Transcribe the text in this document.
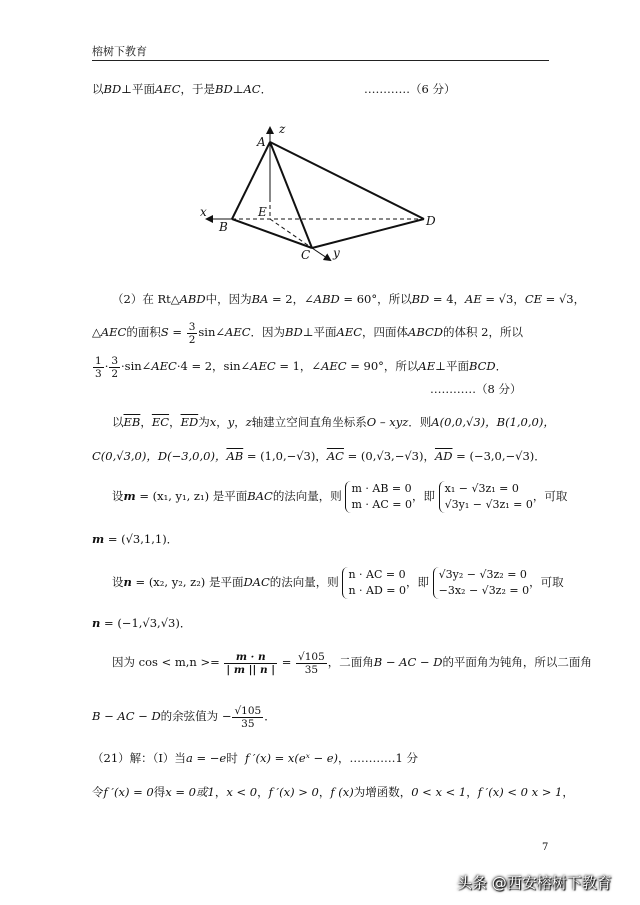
榕树下教育
以BD⊥平面AEC，于是BD⊥AC．	…………（6 分）
A
z
x	E
B	D
C y
（2）在 Rt△ABD中，因为BA = 2，∠ABD = 60°，所以BD = 4，AE = √3，CE = √3，
△AEC的面积$S = \frac{3}{2}$ sin∠AEC．因为BD⊥平面AEC，四面体ABCD的体积 2，所以
$\frac{1}{3} \cdot \frac{3}{2}$ ·sin∠AEC·4 = 2，sin∠AEC = 1，∠AEC = 90°，所以AE⊥平面BCD．
…………（8 分）
以$\overline{EB}$，$\overline{EC}$，$\overline{ED}$为x，y，z轴建立空间直角坐标系O – xyz．则A(0,0,√3)，B(1,0,0)，
C(0,√3,0)，D(−3,0,0)，$\overline{AB} = (1,0,-√3)$，$\overline{AC} = (0,√3,-√3)$，$\overline{AD} = (-3,0,-√3)$．
设m = (x₁, y₁, z₁) 是平面BAC的法向量，则
m · AB = 0
m · AC = 0
，即
x₁ − √3z₁ = 0
√3y₁ − √3z₁ = 0
，可取
m = (√3,1,1)．
设n = (x₂, y₂, z₂) 是平面DAC的法向量，则
n · AC = 0
n · AD = 0
，即
√3y₂ − √3z₂ = 0
−3x₂ − √3z₂ = 0
，可取
n = (−1,√3,√3)．
因为 $\cos < m,n >= \frac{m \cdot n}{| m || n |} = \frac{√105}{35}$ ，二面角B − AC − D的平面角为钝角，所以二面角
B − AC − D的余弦值为 − $\frac{√105}{35}$ ．
（21）解：（Ⅰ）当a = −e时 f ′(x) = x(eˣ − e)，…………1 分
令f ′(x) = 0得x = 0或1，x < 0，f ′(x) > 0，f (x)为增函数，0 < x < 1，f ′(x) < 0 x > 1，
7
头条 @西安榕树下教育
